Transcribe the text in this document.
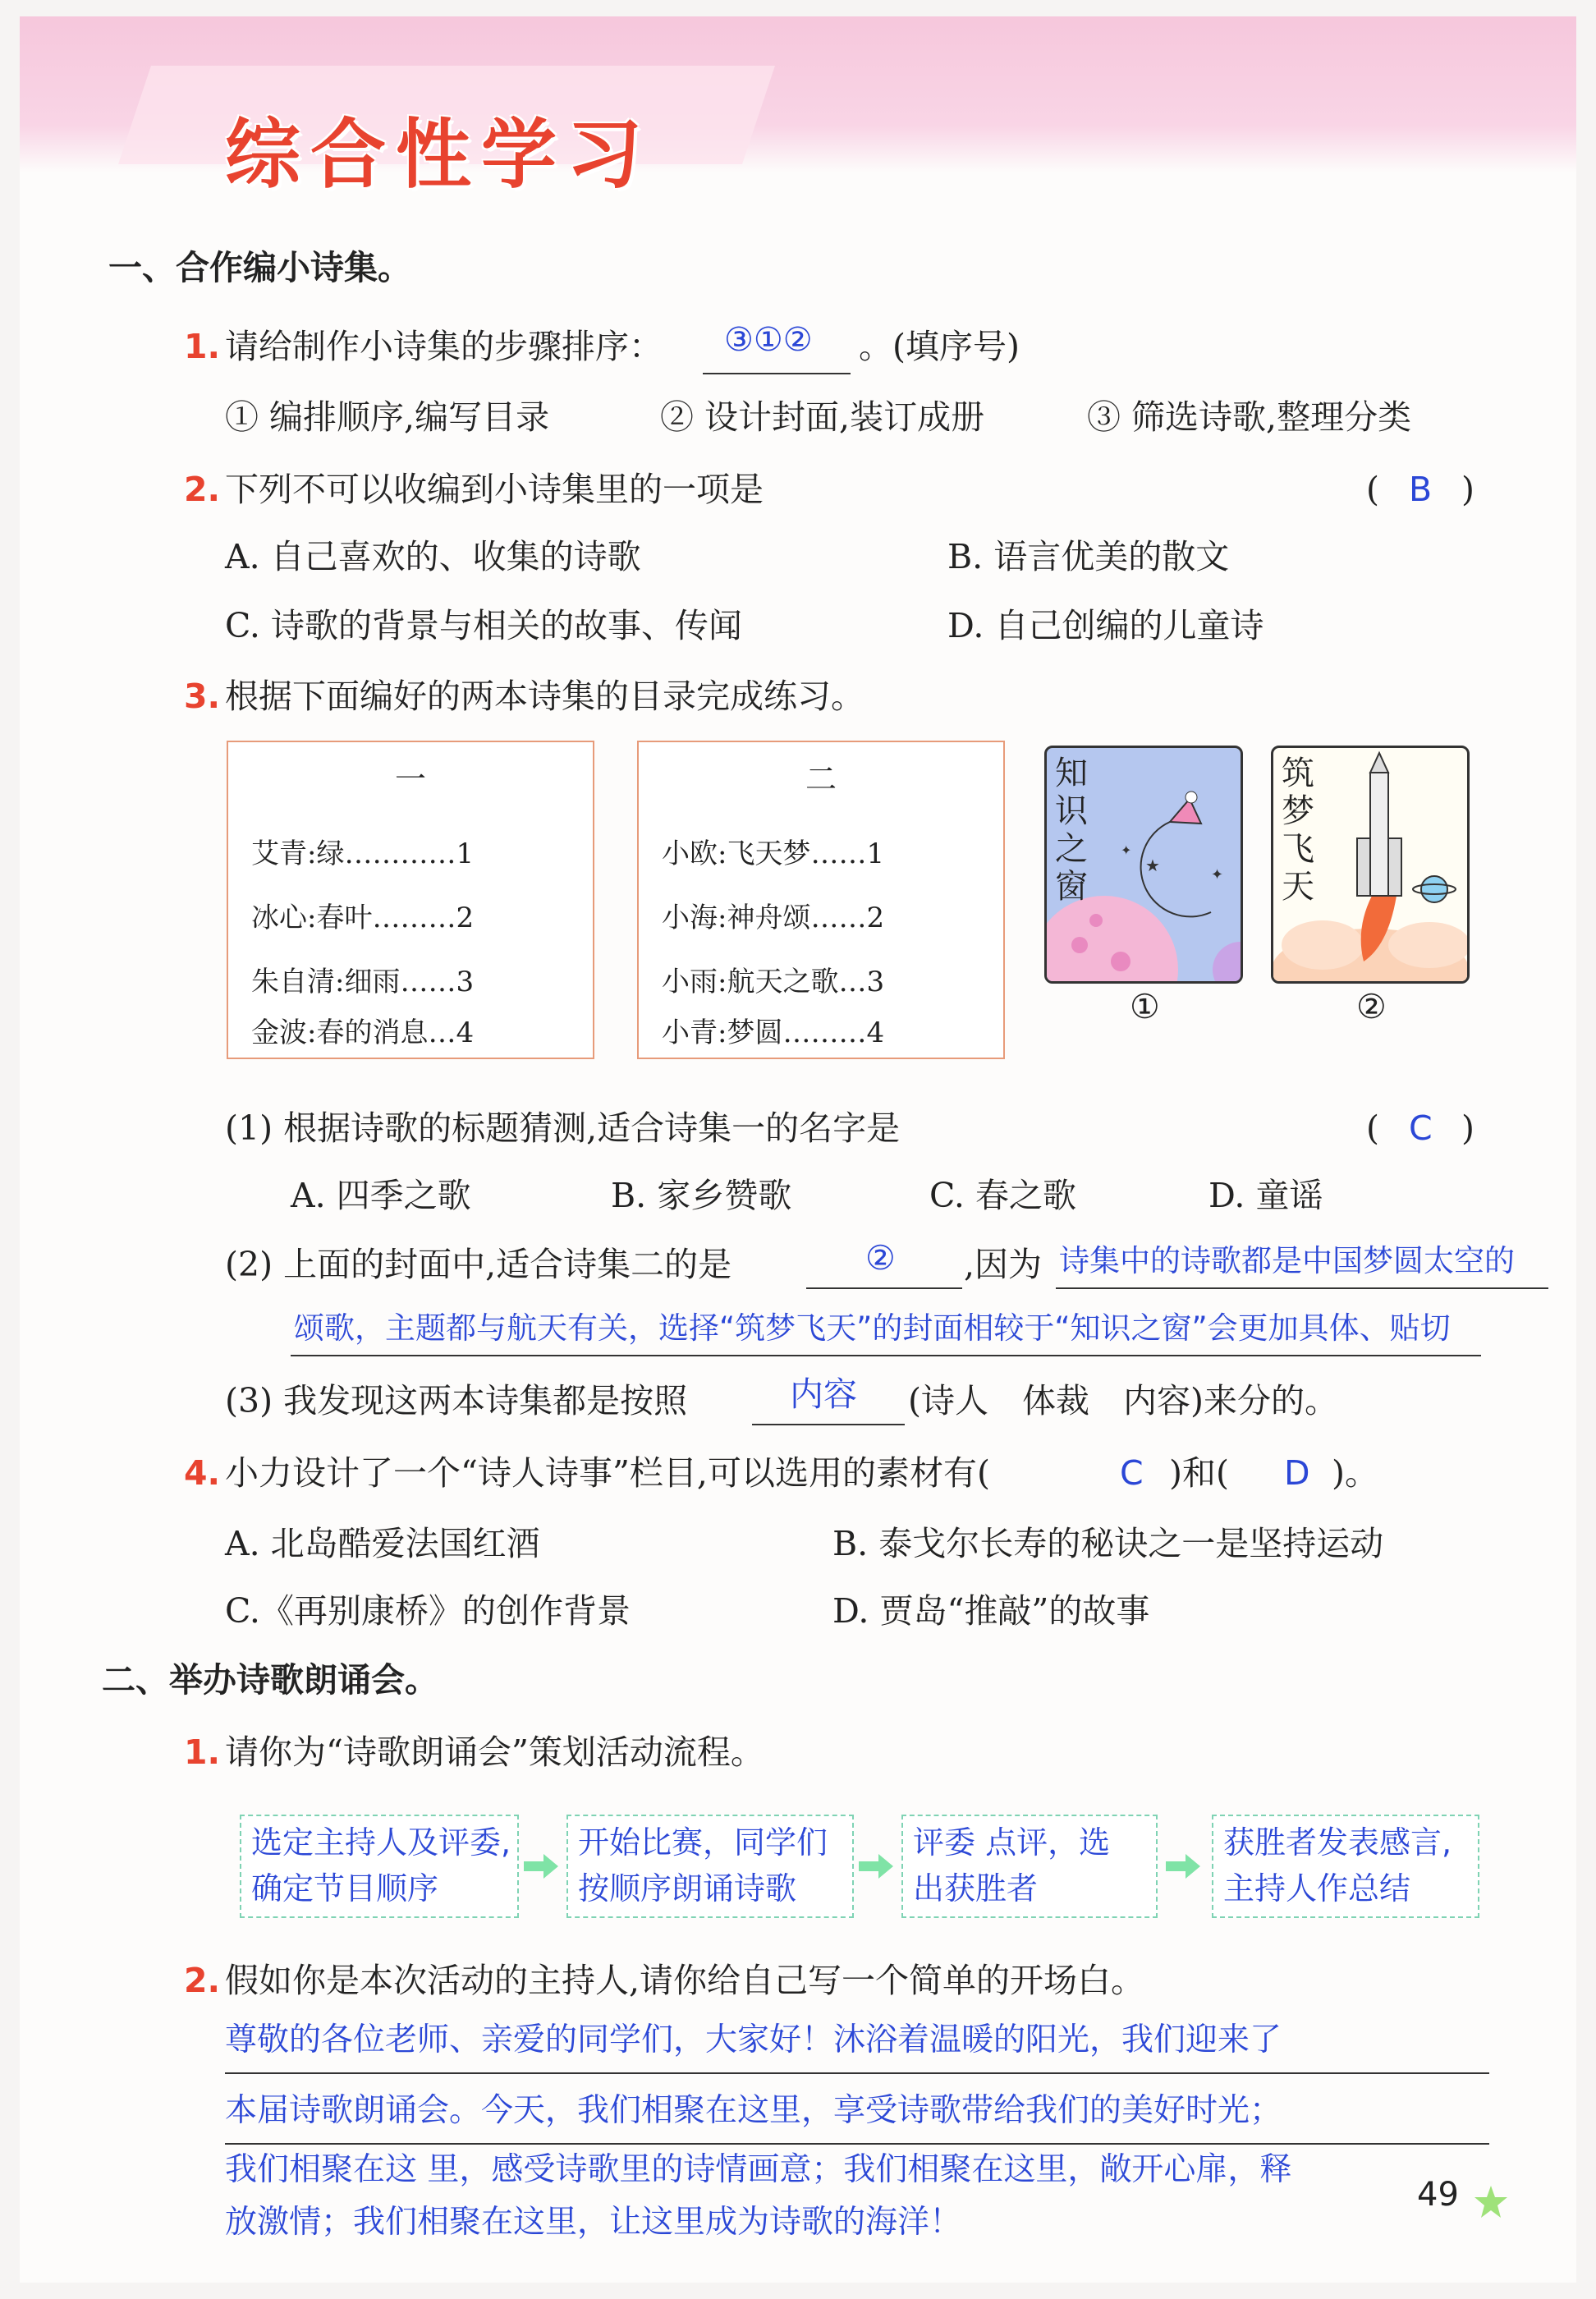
综合性学习
一、合作编小诗集。
1. 请给制作小诗集的步骤排序： ③①② 。(填序号)
① 编排顺序,编写目录	② 设计封面,装订成册	③ 筛选诗歌,整理分类
2. 下列不可以收编到小诗集里的一项是	( B )
A. 自己喜欢的、收集的诗歌	B. 语言优美的散文
C. 诗歌的背景与相关的故事、传闻	D. 自己创编的儿童诗
3. 根据下面编好的两本诗集的目录完成练习。
一
艾青:绿…………1
冰心:春叶………2
朱自清:细雨……3
金波:春的消息…4
二
小欧:飞天梦……1
小海:神舟颂……2
小雨:航天之歌…3
小青:梦圆………4
★	✦
✦
知识之窗
①
筑梦飞天
②
(1) 根据诗歌的标题猜测,适合诗集一的名字是	( C )
A. 四季之歌	B. 家乡赞歌	C. 春之歌	D. 童谣
(2) 上面的封面中,适合诗集二的是	② ,因为 诗集中的诗歌都是中国梦圆太空的
颂歌，主题都与航天有关，选择“筑梦飞天”的封面相较于“知识之窗”会更加具体、贴切
(3) 我发现这两本诗集都是按照	内容 (诗人　体裁　内容)来分的。
4. 小力设计了一个“诗人诗事”栏目,可以选用的素材有(	C )和( D )。
A. 北岛酷爱法国红酒	B. 泰戈尔长寿的秘诀之一是坚持运动
C.《再别康桥》的创作背景	D. 贾岛“推敲”的故事
二、举办诗歌朗诵会。
1. 请你为“诗歌朗诵会”策划活动流程。
选定主持人及评委,
确定节目顺序
开始比赛，同学们
按顺序朗诵诗歌
评委 点评，选
出获胜者
获胜者发表感言,
主持人作总结
2. 假如你是本次活动的主持人,请你给自己写一个简单的开场白。
尊敬的各位老师、亲爱的同学们，大家好！沐浴着温暖的阳光，我们迎来了
本届诗歌朗诵会。今天，我们相聚在这里，享受诗歌带给我们的美好时光；
我们相聚在这 里，感受诗歌里的诗情画意；我们相聚在这里，敞开心扉，释
放激情；我们相聚在这里，让这里成为诗歌的海洋！
49
